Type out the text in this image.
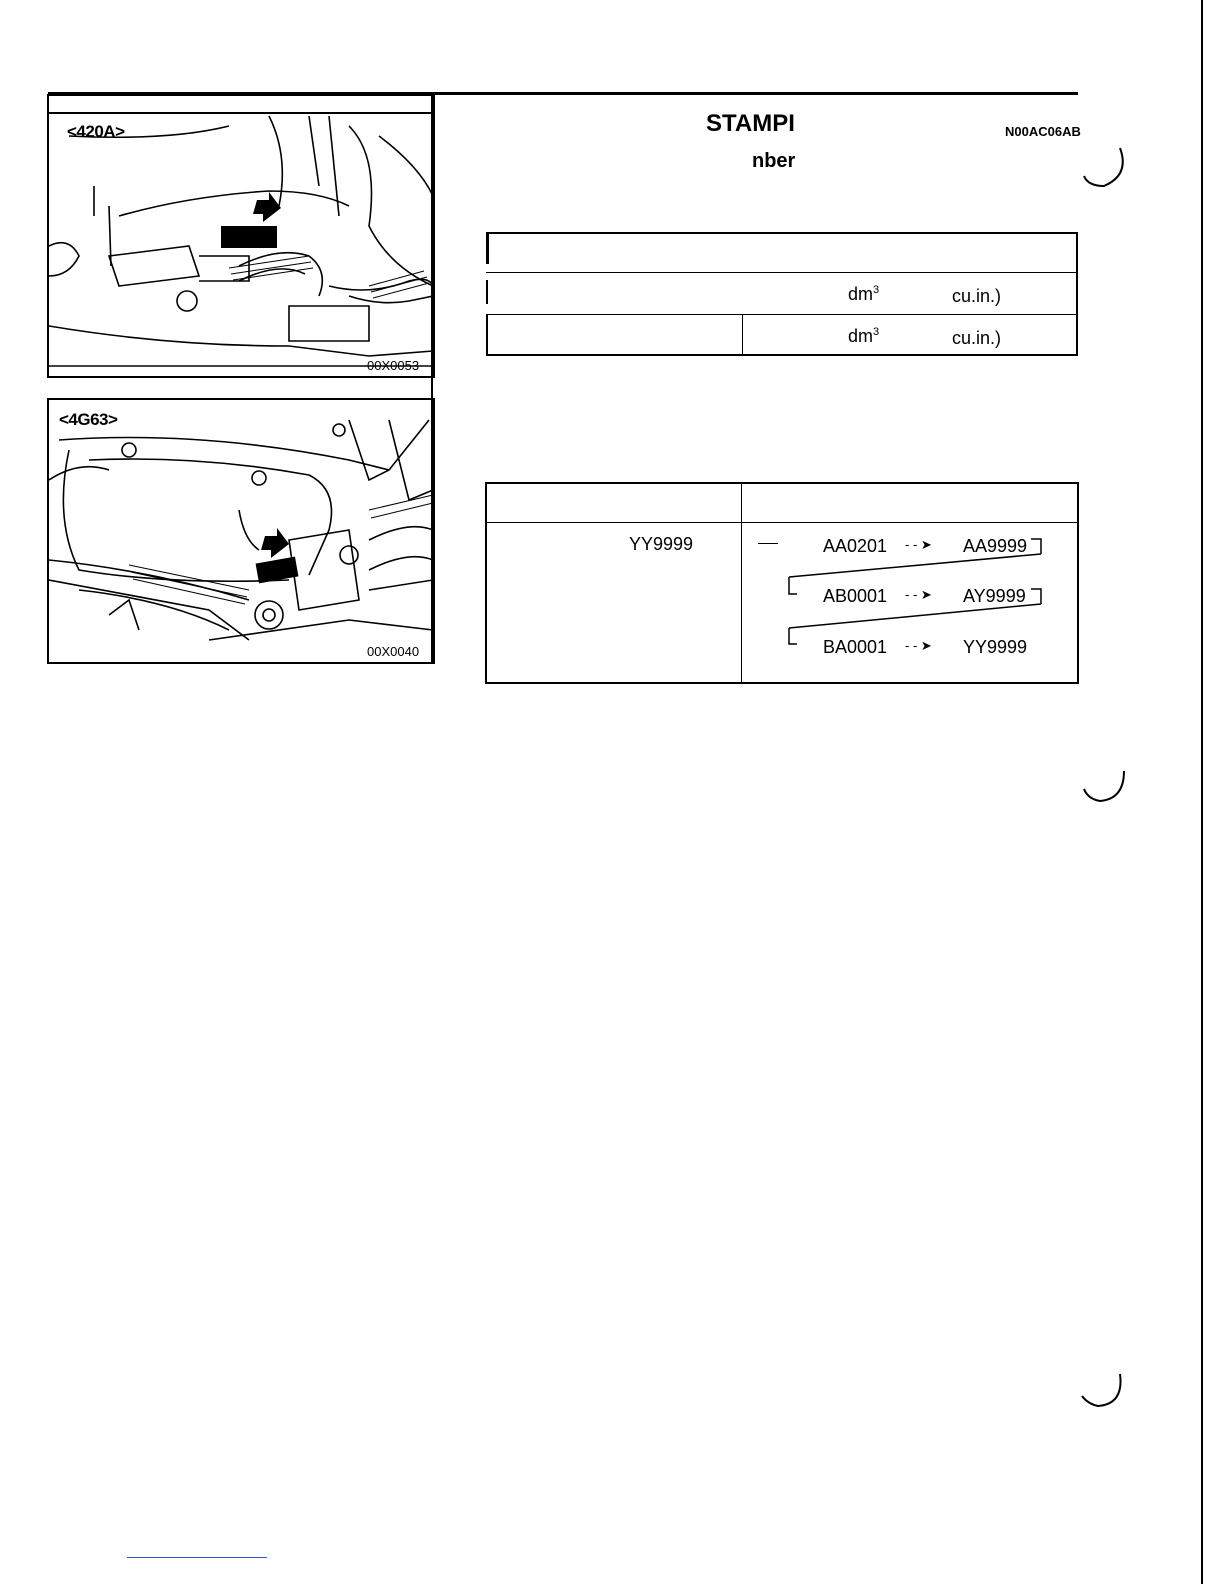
STAMPI	N00AC06AB
nber
<420A>
00X0053
<4G63>
00X0040
$dm^3$	cu.in.)
$dm^3$	cu.in.)
YY9999	AA0201 - - ➤ AA9999
AB0001 - - ➤ AY9999
BA0001 - - ➤ YY9999
